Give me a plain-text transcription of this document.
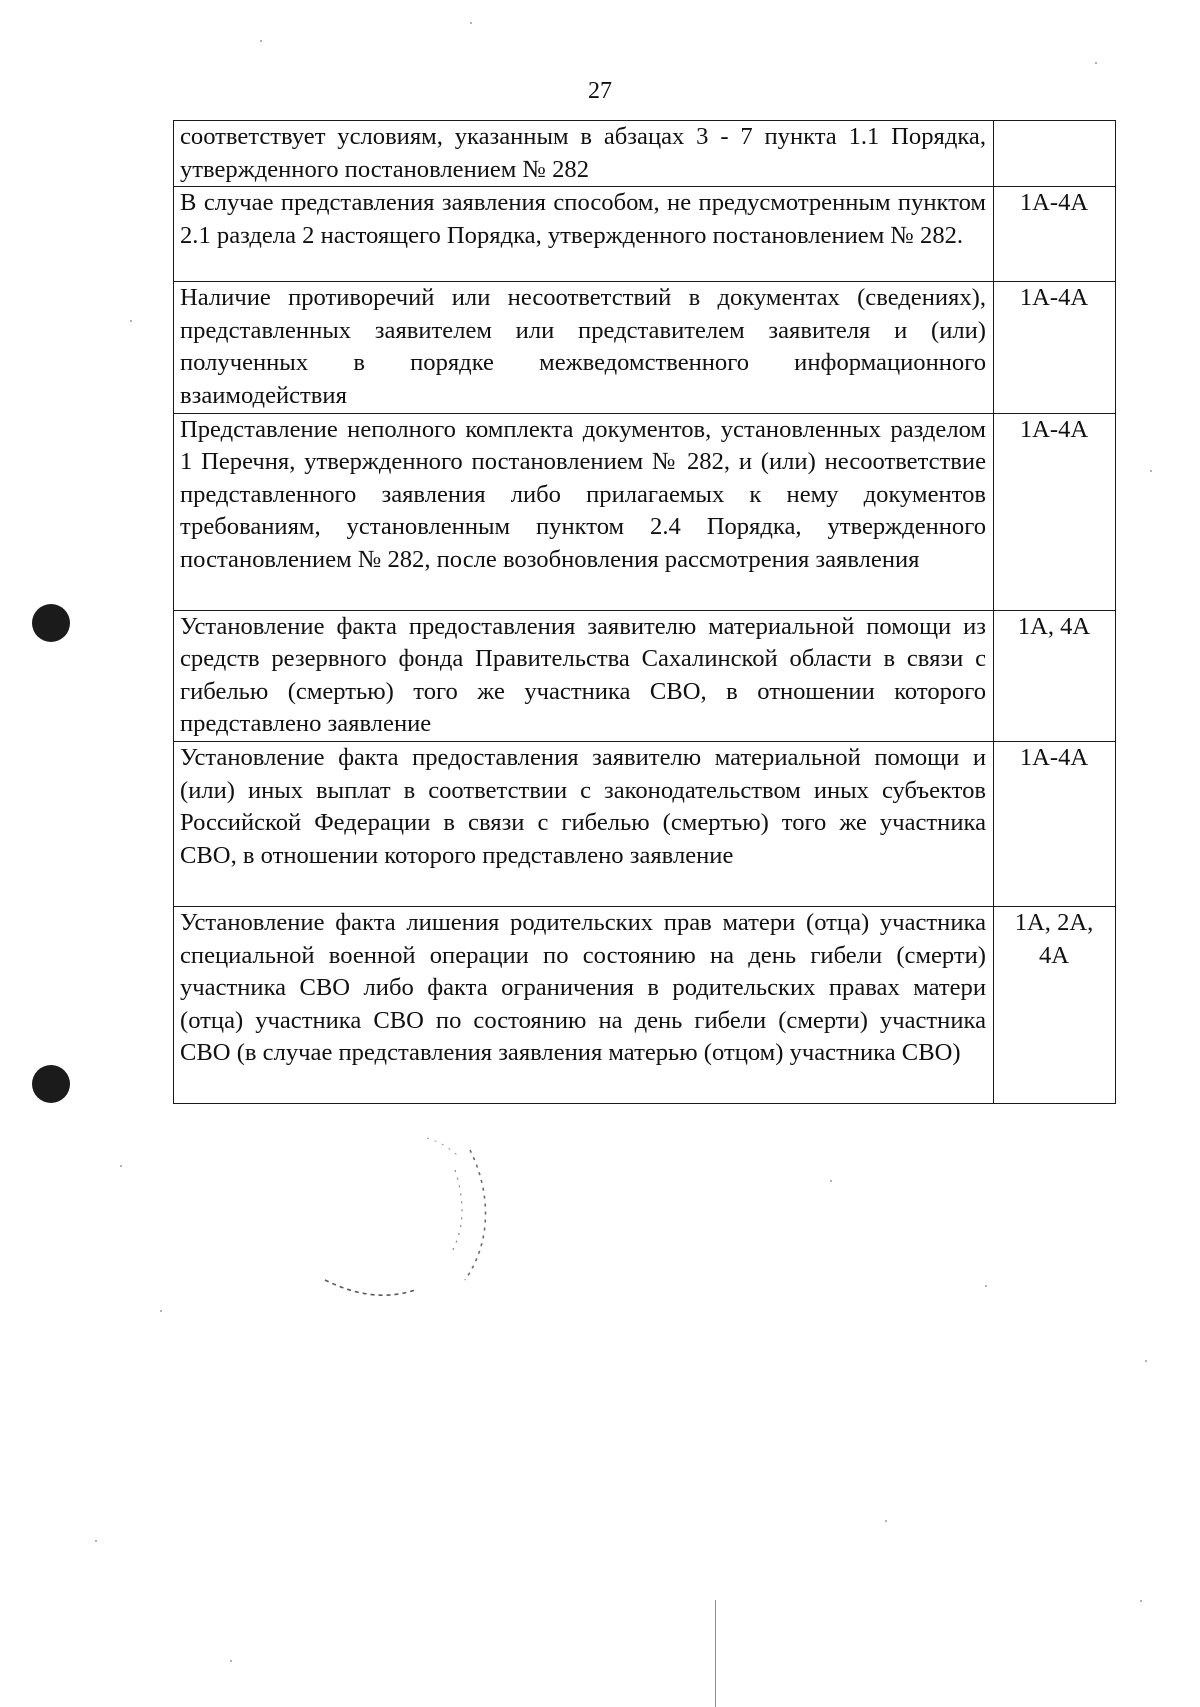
27
соответствует условиям, указанным в абзацах 3 - 7 пункта 1.1 Порядка, утвержденного постановлением № 282	
В случае представления заявления способом, не предусмотренным пунктом 2.1 раздела 2 настоящего Порядка, утвержденного постановлением № 282.	1А-4А
Наличие противоречий или несоответствий в документах (сведениях), представленных заявителем или представителем заявителя и (или) полученных в порядке межведомственного информационного взаимодействия	1А-4А
Представление неполного комплекта документов, установленных разделом 1 Перечня, утвержденного постановлением № 282, и (или) несоответствие представленного заявления либо прилагаемых к нему документов требованиям, установленным пунктом 2.4 Порядка, утвержденного постановлением № 282, после возобновления рассмотрения заявления	1А-4А
Установление факта предоставления заявителю материальной помощи из средств резервного фонда Правительства Сахалинской области в связи с гибелью (смертью) того же участника СВО, в отношении которого представлено заявление	1А, 4А
Установление факта предоставления заявителю материальной помощи и (или) иных выплат в соответствии с законодательством иных субъектов Российской Федерации в связи с гибелью (смертью) того же участника СВО, в отношении которого представлено заявление	1А-4А
Установление факта лишения родительских прав матери (отца) участника специальной военной операции по состоянию на день гибели (смерти) участника СВО либо факта ограничения в родительских правах матери (отца) участника СВО по состоянию на день гибели (смерти) участника СВО (в случае представления заявления матерью (отцом) участника СВО)	1А, 2А, 4А
